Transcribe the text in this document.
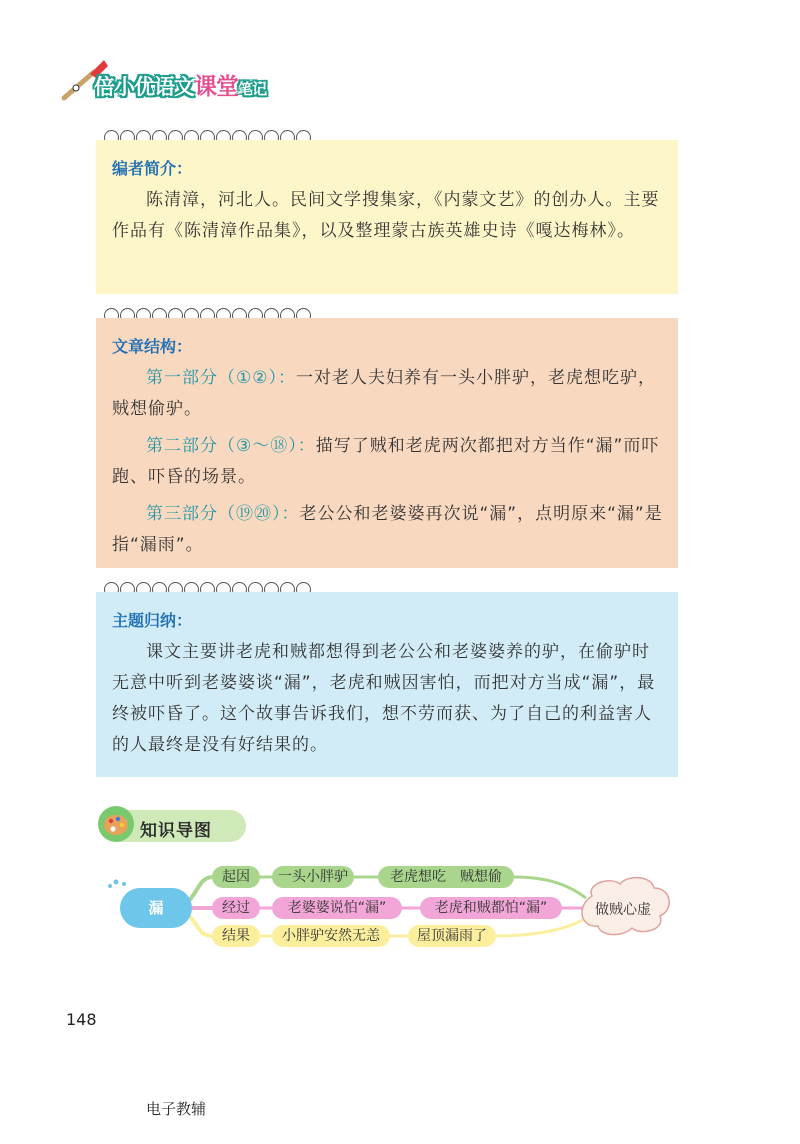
倍小优语文课堂笔记
编者简介：

陈清漳，河北人。民间文学搜集家，《内蒙文艺》的创办人。主要作品有《陈清漳作品集》，以及整理蒙古族英雄史诗《嘎达梅林》。

文章结构：

第一部分（①②）：一对老人夫妇养有一头小胖驴，老虎想吃驴，贼想偷驴。

第二部分（③～⑱）：描写了贼和老虎两次都把对方当作“漏”而吓跑、吓昏的场景。

第三部分（⑲⑳）：老公公和老婆婆再次说“漏”，点明原来“漏”是指“漏雨”。

主题归纳：

课文主要讲老虎和贼都想得到老公公和老婆婆养的驴，在偷驴时无意中听到老婆婆谈“漏”，老虎和贼因害怕，而把对方当成“漏”，最终被吓昏了。这个故事告诉我们，想不劳而获、为了自己的利益害人的人最终是没有好结果的。

知识导图
漏
起因	一头小胖驴	老虎想吃　贼想偷
经过	老婆婆说怕“漏”	老虎和贼都怕“漏”
结果	小胖驴安然无恙	屋顶漏雨了
做贼心虚
148
电子教辅
